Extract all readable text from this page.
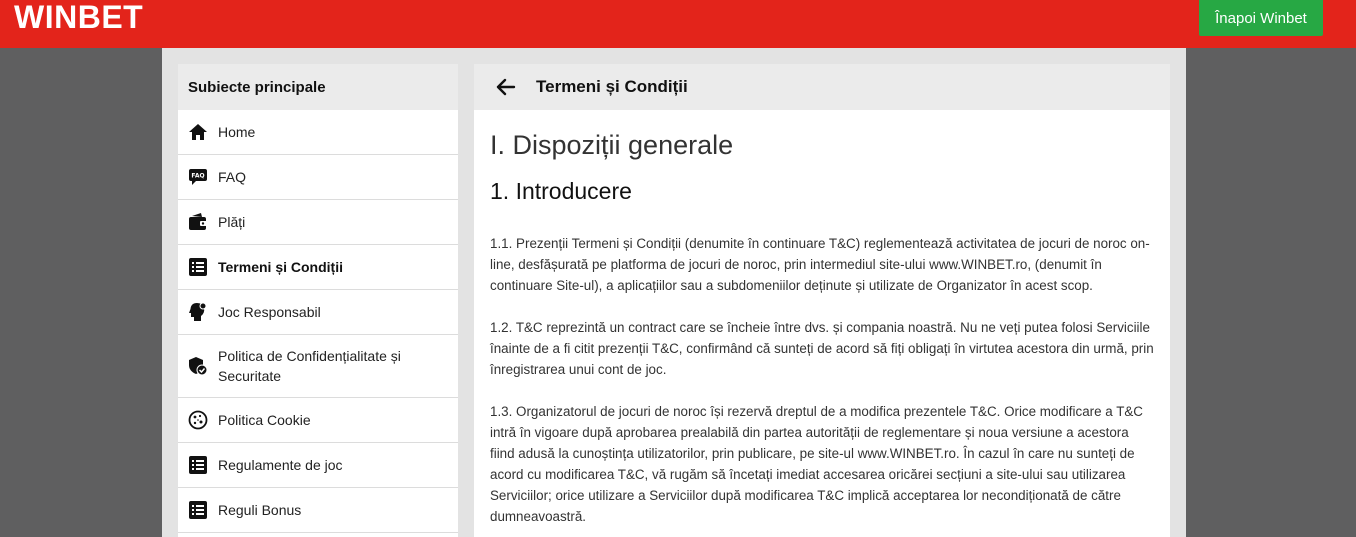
WINBET	Înapoi Winbet
Subiecte principale
Home
FAQ FAQ
Plăți
Termeni și Condiții
Joc Responsabil
Politica de Confidențialitate și Securitate
Politica Cookie
Regulamente de joc
Reguli Bonus
Termeni și Condiții
I. Dispoziții generale
1. Introducere

1.1. Prezenții Termeni și Condiții (denumite în continuare T&C) reglementează activitatea de jocuri de noroc on-line, desfășurată pe platforma de jocuri de noroc, prin intermediul site-ului www.WINBET.ro, (denumit în continuare Site-ul), a aplicațiilor sau a subdomeniilor deținute și utilizate de Organizator în acest scop.

1.2. T&C reprezintă un contract care se încheie între dvs. și compania noastră. Nu ne veți putea folosi Serviciile înainte de a fi citit prezenții T&C, confirmând că sunteți de acord să fiți obligați în virtutea acestora din urmă, prin înregistrarea unui cont de joc.

1.3. Organizatorul de jocuri de noroc își rezervă dreptul de a modifica prezentele T&C. Orice modificare a T&C intră în vigoare după aprobarea prealabilă din partea autorității de reglementare și noua versiune a acestora fiind adusă la cunoștința utilizatorilor, prin publicare, pe site-ul www.WINBET.ro. În cazul în care nu sunteți de acord cu modificarea T&C, vă rugăm să încetați imediat accesarea oricărei secțiuni a site-ului sau utilizarea Serviciilor; orice utilizare a Serviciilor după modificarea T&C implică acceptarea lor necondiționată de către dumneavoastră.
